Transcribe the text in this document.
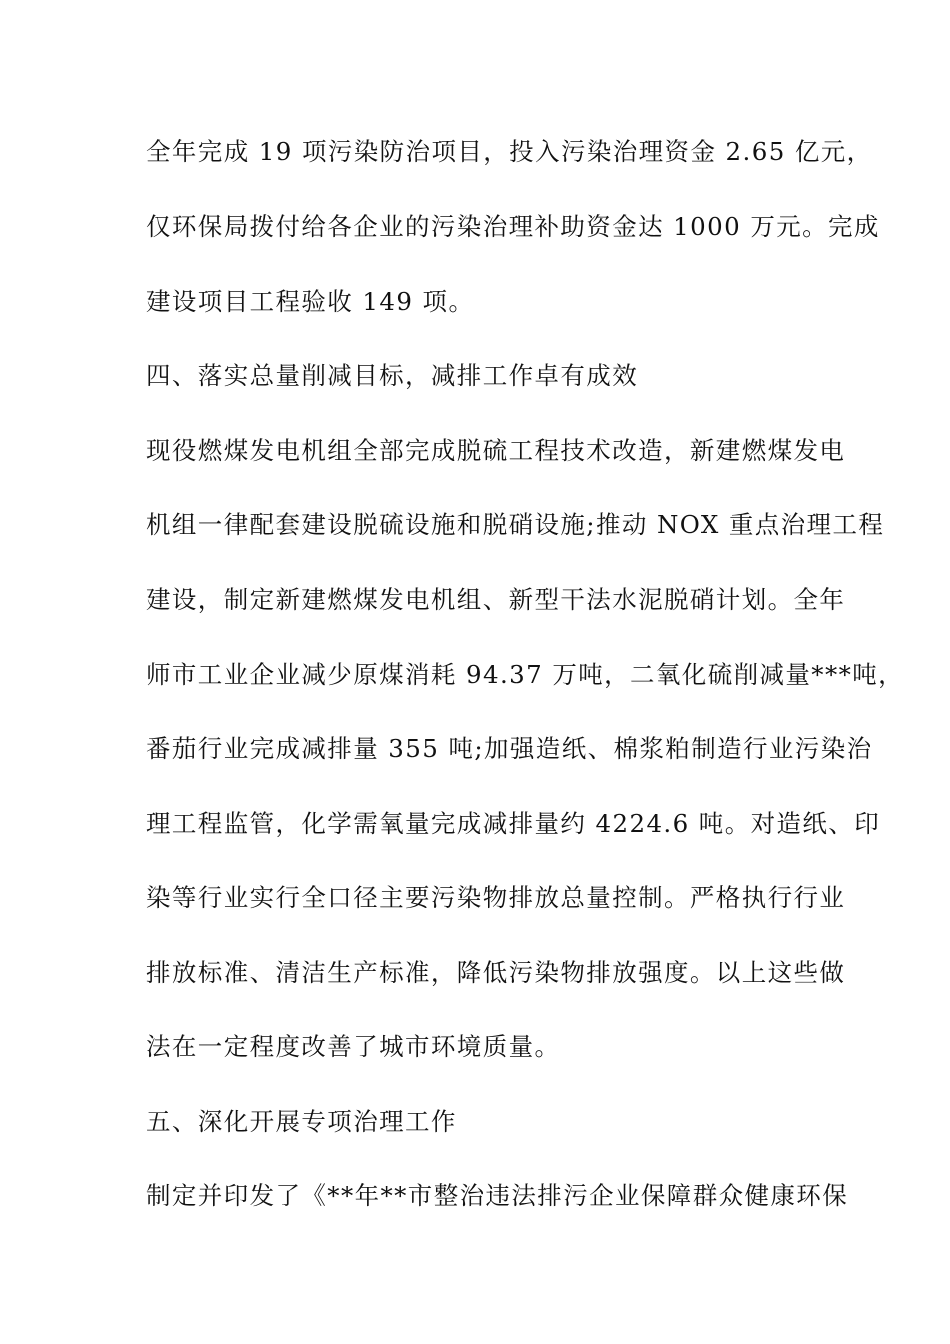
全年完成 19 项污染防治项目，投入污染治理资金 2.65 亿元，

仅环保局拨付给各企业的污染治理补助资金达 1000 万元。完成

建设项目工程验收 149 项。

四、落实总量削减目标，减排工作卓有成效

现役燃煤发电机组全部完成脱硫工程技术改造，新建燃煤发电

机组一律配套建设脱硫设施和脱硝设施;推动 NOX 重点治理工程

建设，制定新建燃煤发电机组、新型干法水泥脱硝计划。全年

师市工业企业减少原煤消耗 94.37 万吨，二氧化硫削减量***吨，

番茄行业完成减排量 355 吨;加强造纸、棉浆粕制造行业污染治

理工程监管，化学需氧量完成减排量约 4224.6 吨。对造纸、印

染等行业实行全口径主要污染物排放总量控制。严格执行行业

排放标准、清洁生产标准，降低污染物排放强度。以上这些做

法在一定程度改善了城市环境质量。

五、深化开展专项治理工作

制定并印发了《**年**市整治违法排污企业保障群众健康环保
